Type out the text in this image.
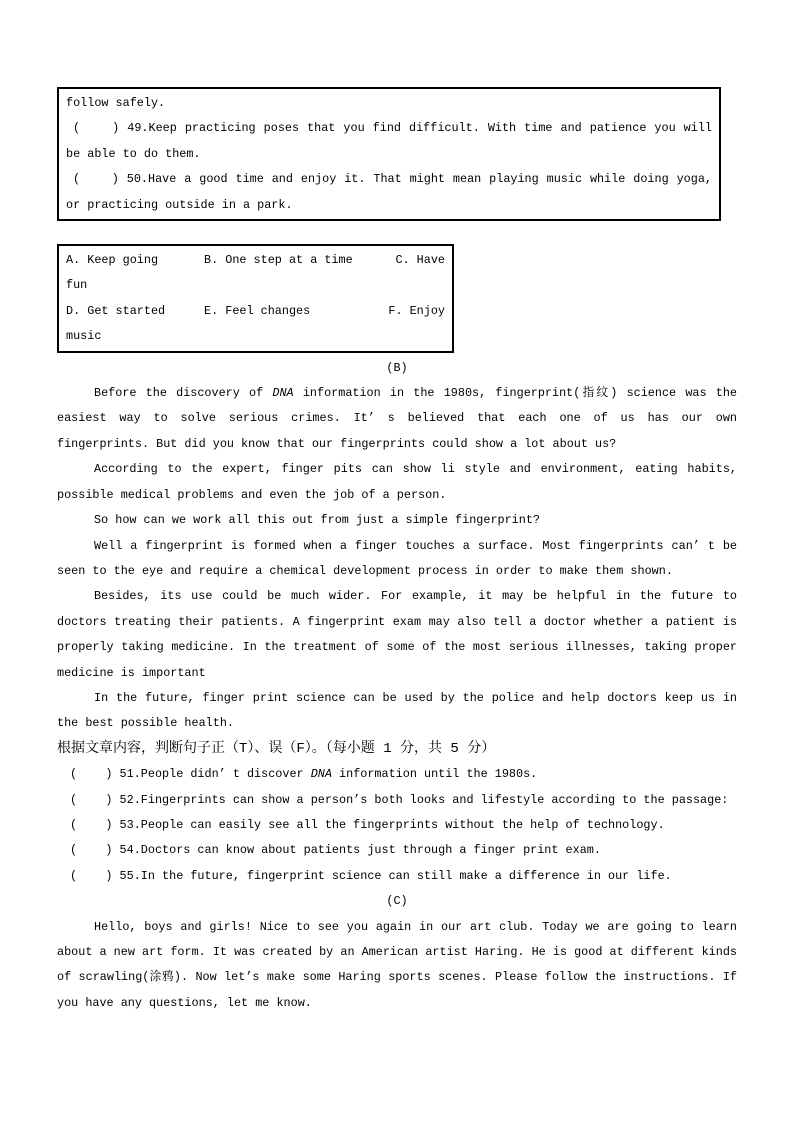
follow safely.

(    ) 49.Keep practicing poses that you find difficult. With time and patience you will be able to do them.

(    ) 50.Have a good time and enjoy it. That might mean playing music while doing yoga, or practicing outside in a park.

A. Keep going	B. One step at a time	C. Have

fun

D. Get started	E. Feel changes	F. Enjoy

music

(B)

Before the discovery of DNA information in the 1980s, fingerprint(指纹) science was the easiest way to solve serious crimes. It’ s believed that each one of us has our own fingerprints. But did you know that our fingerprints could show a lot about us?

According to the expert, finger pits can show li style and environment, eating habits, possible medical problems and even the job of a person.

So how can we work all this out from just a simple fingerprint?

Well a fingerprint is formed when a finger touches a surface. Most fingerprints can’ t be seen to the eye and require a chemical development process in order to make them shown.

Besides, its use could be much wider. For example, it may be helpful in the future to doctors treating their patients. A fingerprint exam may also tell a doctor whether a patient is properly taking medicine. In the treatment of some of the most serious illnesses, taking proper medicine is important

In the future, finger print science can be used by the police and help doctors keep us in the best possible health.

根据文章内容，判断句子正（T）、误（F）。（每小题 1 分，共 5 分）

(    ) 51.People didn’ t discover DNA information until the 1980s.

(    ) 52.Fingerprints can show a person’s both looks and lifestyle according to the passage:

(    ) 53.People can easily see all the fingerprints without the help of technology.

(    ) 54.Doctors can know about patients just through a finger print exam.

(    ) 55.In the future, fingerprint science can still make a difference in our life.

(C)

Hello, boys and girls! Nice to see you again in our art club. Today we are going to learn about a new art form. It was created by an American artist Haring. He is good at different kinds of scrawling(涂鸦). Now let’s make some Haring sports scenes. Please follow the instructions. If you have any questions, let me know.
